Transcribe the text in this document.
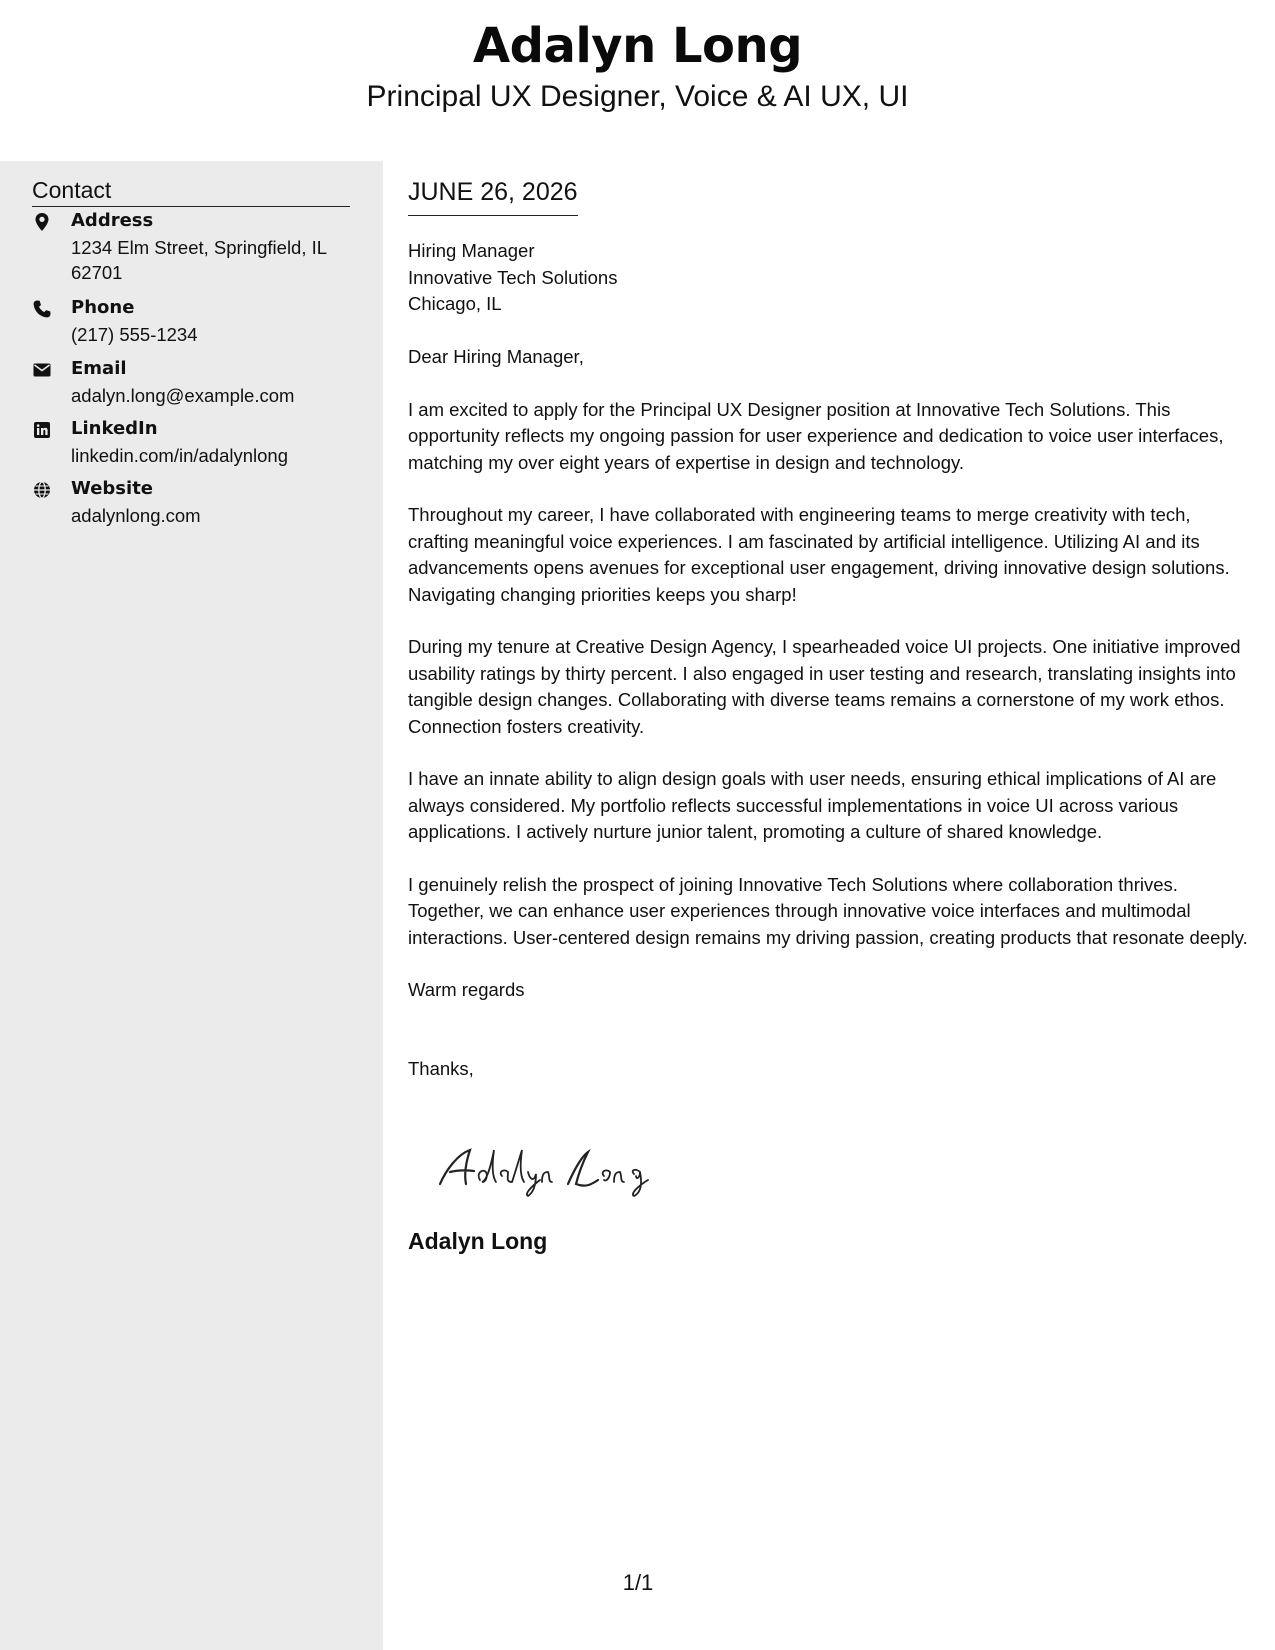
Adalyn Long
Principal UX Designer, Voice & AI UX, UI
Contact
Address
1234 Elm Street, Springfield, IL 62701
Phone
(217) 555-1234
Email
adalyn.long@example.com
LinkedIn
linkedin.com/in/adalynlong
Website
adalynlong.com
JUNE 26, 2026
Hiring Manager
Innovative Tech Solutions
Chicago, IL

Dear Hiring Manager,

I am excited to apply for the Principal UX Designer position at Innovative Tech Solutions. This opportunity reflects my ongoing passion for user experience and dedication to voice user interfaces, matching my over eight years of expertise in design and technology.

Throughout my career, I have collaborated with engineering teams to merge creativity with tech, crafting meaningful voice experiences. I am fascinated by artificial intelligence. Utilizing AI and its advancements opens avenues for exceptional user engagement, driving innovative design solutions. Navigating changing priorities keeps you sharp!

During my tenure at Creative Design Agency, I spearheaded voice UI projects. One initiative improved usability ratings by thirty percent. I also engaged in user testing and research, translating insights into tangible design changes. Collaborating with diverse teams remains a cornerstone of my work ethos. Connection fosters creativity.

I have an innate ability to align design goals with user needs, ensuring ethical implications of AI are always considered. My portfolio reflects successful implementations in voice UI across various applications. I actively nurture junior talent, promoting a culture of shared knowledge.

I genuinely relish the prospect of joining Innovative Tech Solutions where collaboration thrives. Together, we can enhance user experiences through innovative voice interfaces and multimodal interactions. User-centered design remains my driving passion, creating products that resonate deeply.

Warm regards

Thanks,

Adalyn Long
1/1
